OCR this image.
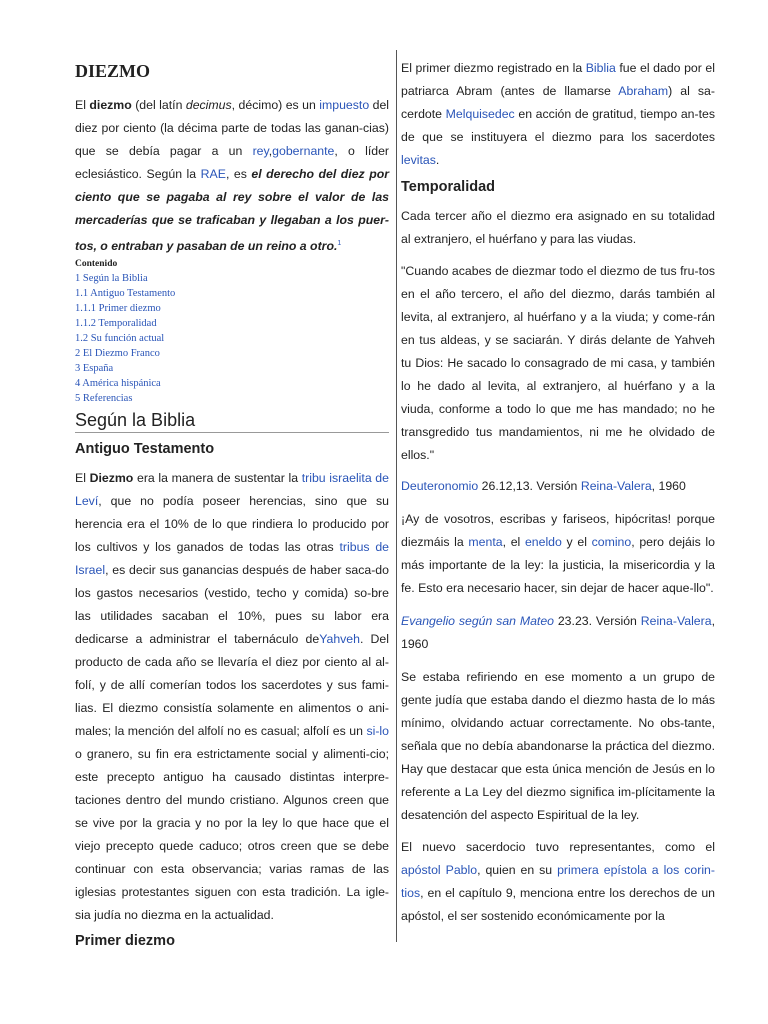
DIEZMO

El diezmo (del latín decimus, décimo) es un impuesto del diez por ciento (la décima parte de todas las ganan-cias) que se debía pagar a un rey,gobernante, o líder eclesiástico. Según la RAE, es el derecho del diez por ciento que se pagaba al rey sobre el valor de las mercaderías que se traficaban y llegaban a los puer-tos, o entraban y pasaban de un reino a otro.$^1$

Contenido
1 Según la Biblia
1.1 Antiguo Testamento
1.1.1 Primer diezmo
1.1.2 Temporalidad
1.2 Su función actual
2 El Diezmo Franco
3 España
4 América hispánica
5 Referencias
Según la Biblia
Antiguo Testamento

El Diezmo era la manera de sustentar la tribu israelita de Leví, que no podía poseer herencias, sino que su herencia era el 10% de lo que rindiera lo producido por los cultivos y los ganados de todas las otras tribus de Israel, es decir sus ganancias después de haber saca-do los gastos necesarios (vestido, techo y comida) so-bre las utilidades sacaban el 10%, pues su labor era dedicarse a administrar el tabernáculo deYahveh. Del producto de cada año se llevaría el diez por ciento al al-folí, y de allí comerían todos los sacerdotes y sus fami-lias. El diezmo consistía solamente en alimentos o ani-males; la mención del alfolí no es casual; alfolí es un si-lo o granero, su fin era estrictamente social y alimenti-cio; este precepto antiguo ha causado distintas interpre-taciones dentro del mundo cristiano. Algunos creen que se vive por la gracia y no por la ley lo que hace que el viejo precepto quede caduco; otros creen que se debe continuar con esta observancia; varias ramas de las iglesias protestantes siguen con esta tradición. La igle-sia judía no diezma en la actualidad.

Primer diezmo

El primer diezmo registrado en la Biblia fue el dado por el patriarca Abram (antes de llamarse Abraham) al sa-cerdote Melquisedec en acción de gratitud, tiempo an-tes de que se instituyera el diezmo para los sacerdotes levitas.

Temporalidad

Cada tercer año el diezmo era asignado en su totalidad al extranjero, el huérfano y para las viudas.

"Cuando acabes de diezmar todo el diezmo de tus fru-tos en el año tercero, el año del diezmo, darás también al levita, al extranjero, al huérfano y a la viuda; y come-rán en tus aldeas, y se saciarán. Y dirás delante de Yahveh tu Dios: He sacado lo consagrado de mi casa, y también lo he dado al levita, al extranjero, al huérfano y a la viuda, conforme a todo lo que me has mandado; no he transgredido tus mandamientos, ni me he olvidado de ellos."

Deuteronomio 26.12,13. Versión Reina-Valera, 1960

¡Ay de vosotros, escribas y fariseos, hipócritas! porque diezmáis la menta, el eneldo y el comino, pero dejáis lo más importante de la ley: la justicia, la misericordia y la fe. Esto era necesario hacer, sin dejar de hacer aque-llo".

Evangelio según san Mateo 23.23. Versión Reina-Valera, 1960

Se estaba refiriendo en ese momento a un grupo de gente judía que estaba dando el diezmo hasta de lo más mínimo, olvidando actuar correctamente. No obs-tante, señala que no debía abandonarse la práctica del diezmo. Hay que destacar que esta única mención de Jesús en lo referente a La Ley del diezmo significa im-plícitamente la desatención del aspecto Espiritual de la ley.

El nuevo sacerdocio tuvo representantes, como el apóstol Pablo, quien en su primera epístola a los corin-tios, en el capítulo 9, menciona entre los derechos de un apóstol, el ser sostenido económicamente por la
